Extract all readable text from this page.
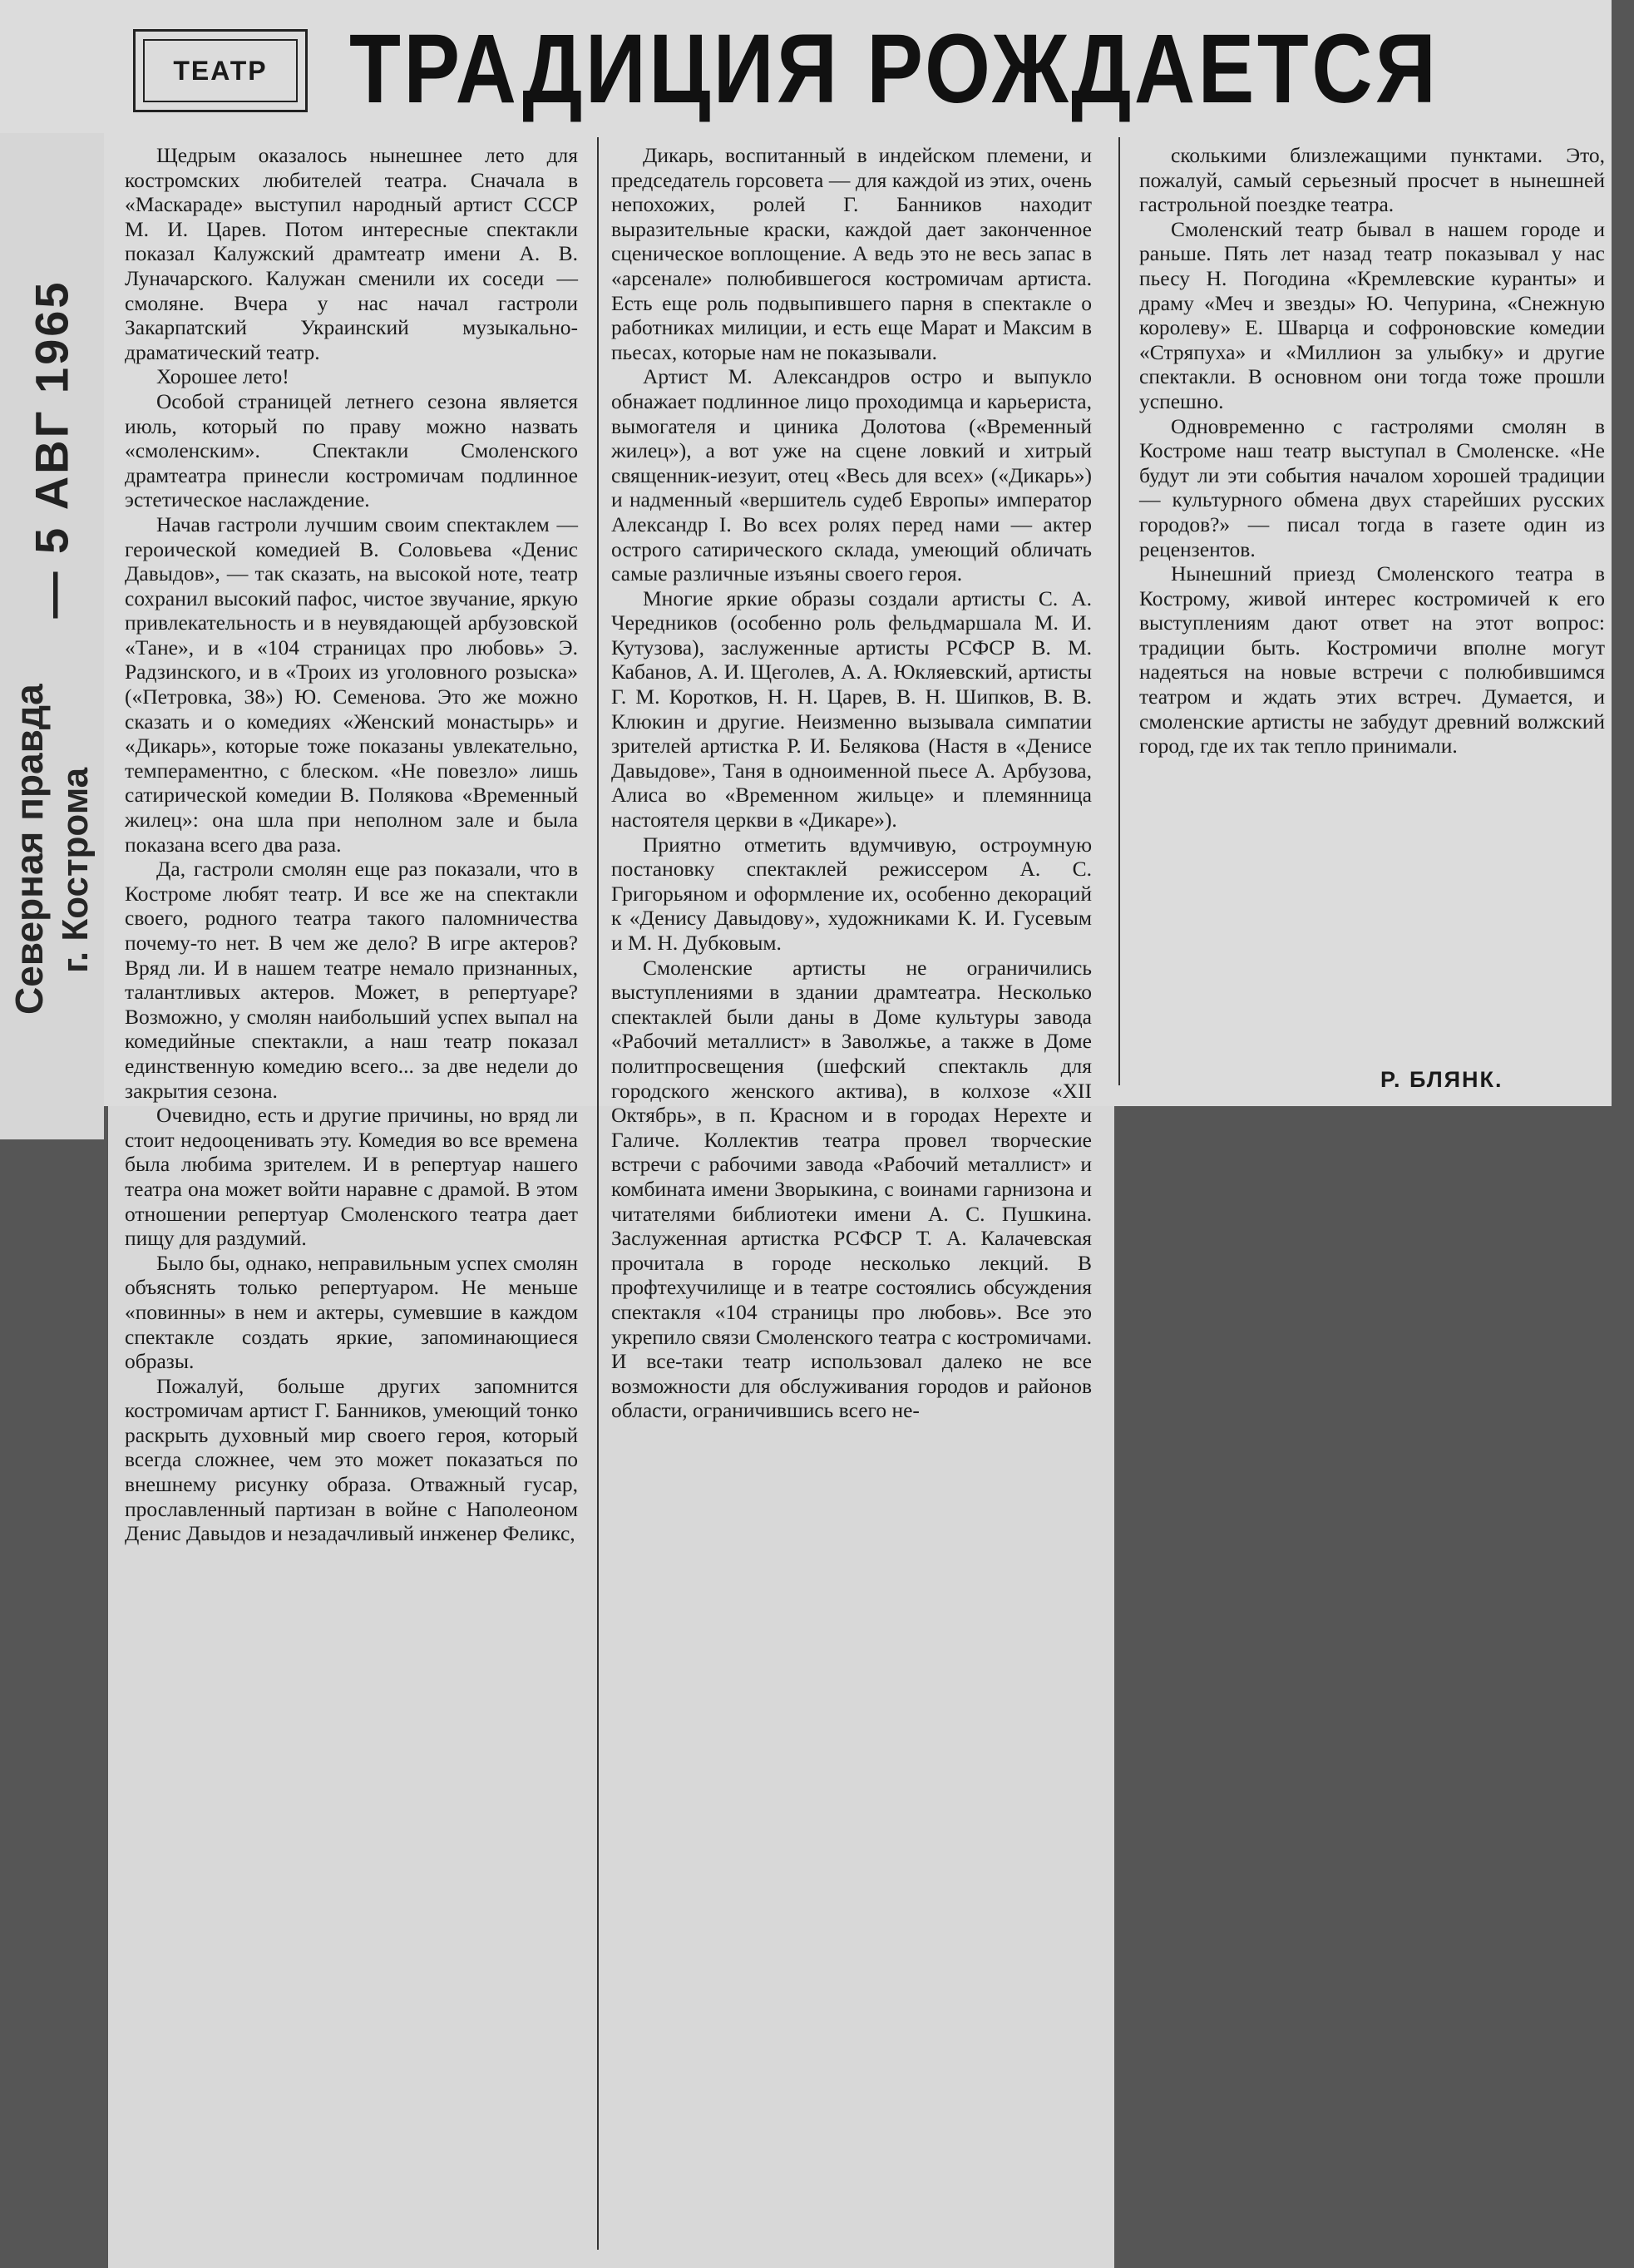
— 5 АВГ 1965
Северная правда г. Кострома
ТЕАТР ТРАДИЦИЯ РОЖДАЕТСЯ

Щедрым оказалось нынешнее лето для костромских любителей театра. Сначала в «Маскараде» выступил народный артист СССР М. И. Царев. Потом интересные спектакли показал Калужский драмтеатр имени А. В. Луначарского. Калужан сменили их соседи — смоляне. Вчера у нас начал гастроли Закарпатский Украинский музыкально-драматический театр.

Хорошее лето!

Особой страницей летнего сезона является июль, который по праву можно назвать «смоленским». Спектакли Смоленского драмтеатра принесли костромичам подлинное эстетическое наслаждение.

Начав гастроли лучшим своим спектаклем — героической комедией В. Соловьева «Денис Давыдов», — так сказать, на высокой ноте, театр сохранил высокий пафос, чистое звучание, яркую привлекательность и в неувядающей арбузовской «Тане», и в «104 страницах про любовь» Э. Радзинского, и в «Троих из уголовного розыска» («Петровка, 38») Ю. Семенова. Это же можно сказать и о комедиях «Женский монастырь» и «Дикарь», которые тоже показаны увлекательно, темпераментно, с блеском. «Не повезло» лишь сатирической комедии В. Полякова «Временный жилец»: она шла при неполном зале и была показана всего два раза.

Да, гастроли смолян еще раз показали, что в Костроме любят театр. И все же на спектакли своего, родного театра такого паломничества почему-то нет. В чем же дело? В игре актеров? Вряд ли. И в нашем театре немало признанных, талантливых актеров. Может, в репертуаре? Возможно, у смолян наибольший успех выпал на комедийные спектакли, а наш театр показал единственную комедию всего... за две недели до закрытия сезона.

Очевидно, есть и другие причины, но вряд ли стоит недооценивать эту. Комедия во все времена была любима зрителем. И в репертуар нашего театра она может войти наравне с драмой. В этом отношении репертуар Смоленского театра дает пищу для раздумий.

Было бы, однако, неправильным успех смолян объяснять только репертуаром. Не меньше «повинны» в нем и актеры, сумевшие в каждом спектакле создать яркие, запоминающиеся образы.

Пожалуй, больше других запомнится костромичам артист Г. Банников, умеющий тонко раскрыть духовный мир своего героя, который всегда сложнее, чем это может показаться по внешнему рисунку образа. Отважный гусар, прославленный партизан в войне с Наполеоном Денис Давыдов и незадачливый инженер Феликс,

Дикарь, воспитанный в индейском племени, и председатель горсовета — для каждой из этих, очень непохожих, ролей Г. Банников находит выразительные краски, каждой дает законченное сценическое воплощение. А ведь это не весь запас в «арсенале» полюбившегося костромичам артиста. Есть еще роль подвыпившего парня в спектакле о работниках милиции, и есть еще Марат и Максим в пьесах, которые нам не показывали.

Артист М. Александров остро и выпукло обнажает подлинное лицо проходимца и карьериста, вымогателя и циника Долотова («Временный жилец»), а вот уже на сцене ловкий и хитрый священник-иезуит, отец «Весь для всех» («Дикарь») и надменный «вершитель судеб Европы» император Александр I. Во всех ролях перед нами — актер острого сатирического склада, умеющий обличать самые различные изъяны своего героя.

Многие яркие образы создали артисты С. А. Чередников (особенно роль фельдмаршала М. И. Кутузова), заслуженные артисты РСФСР В. М. Кабанов, А. И. Щеголев, А. А. Юкляевский, артисты Г. М. Коротков, Н. Н. Царев, В. Н. Шипков, В. В. Клюкин и другие. Неизменно вызывала симпатии зрителей артистка Р. И. Белякова (Настя в «Денисе Давыдове», Таня в одноименной пьесе А. Арбузова, Алиса во «Временном жильце» и племянница настоятеля церкви в «Дикаре»).

Приятно отметить вдумчивую, остроумную постановку спектаклей режиссером А. С. Григорьяном и оформление их, особенно декораций к «Денису Давыдову», художниками К. И. Гусевым и М. Н. Дубковым.

Смоленские артисты не ограничились выступлениями в здании драмтеатра. Несколько спектаклей были даны в Доме культуры завода «Рабочий металлист» в Заволжье, а также в Доме политпросвещения (шефский спектакль для городского женского актива), в колхозе «XII Октябрь», в п. Красном и в городах Нерехте и Галиче. Коллектив театра провел творческие встречи с рабочими завода «Рабочий металлист» и комбината имени Зворыкина, с воинами гарнизона и читателями библиотеки имени А. С. Пушкина. Заслуженная артистка РСФСР Т. А. Калачевская прочитала в городе несколько лекций. В профтехучилище и в театре состоялись обсуждения спектакля «104 страницы про любовь». Все это укрепило связи Смоленского театра с костромичами. И все-таки театр использовал далеко не все возможности для обслуживания городов и районов области, ограничившись всего не-

сколькими близлежащими пунктами. Это, пожалуй, самый серьезный просчет в нынешней гастрольной поездке театра.

Смоленский театр бывал в нашем городе и раньше. Пять лет назад театр показывал у нас пьесу Н. Погодина «Кремлевские куранты» и драму «Меч и звезды» Ю. Чепурина, «Снежную королеву» Е. Шварца и софроновские комедии «Стряпуха» и «Миллион за улыбку» и другие спектакли. В основном они тогда тоже прошли успешно.

Одновременно с гастролями смолян в Костроме наш театр выступал в Смоленске. «Не будут ли эти события началом хорошей традиции — культурного обмена двух старейших русских городов?» — писал тогда в газете один из рецензентов.

Нынешний приезд Смоленского театра в Кострому, живой интерес костромичей к его выступлениям дают ответ на этот вопрос: традиции быть. Костромичи вполне могут надеяться на новые встречи с полюбившимся театром и ждать этих встреч. Думается, и смоленские артисты не забудут древний волжский город, где их так тепло принимали.

Р. БЛЯНК.
